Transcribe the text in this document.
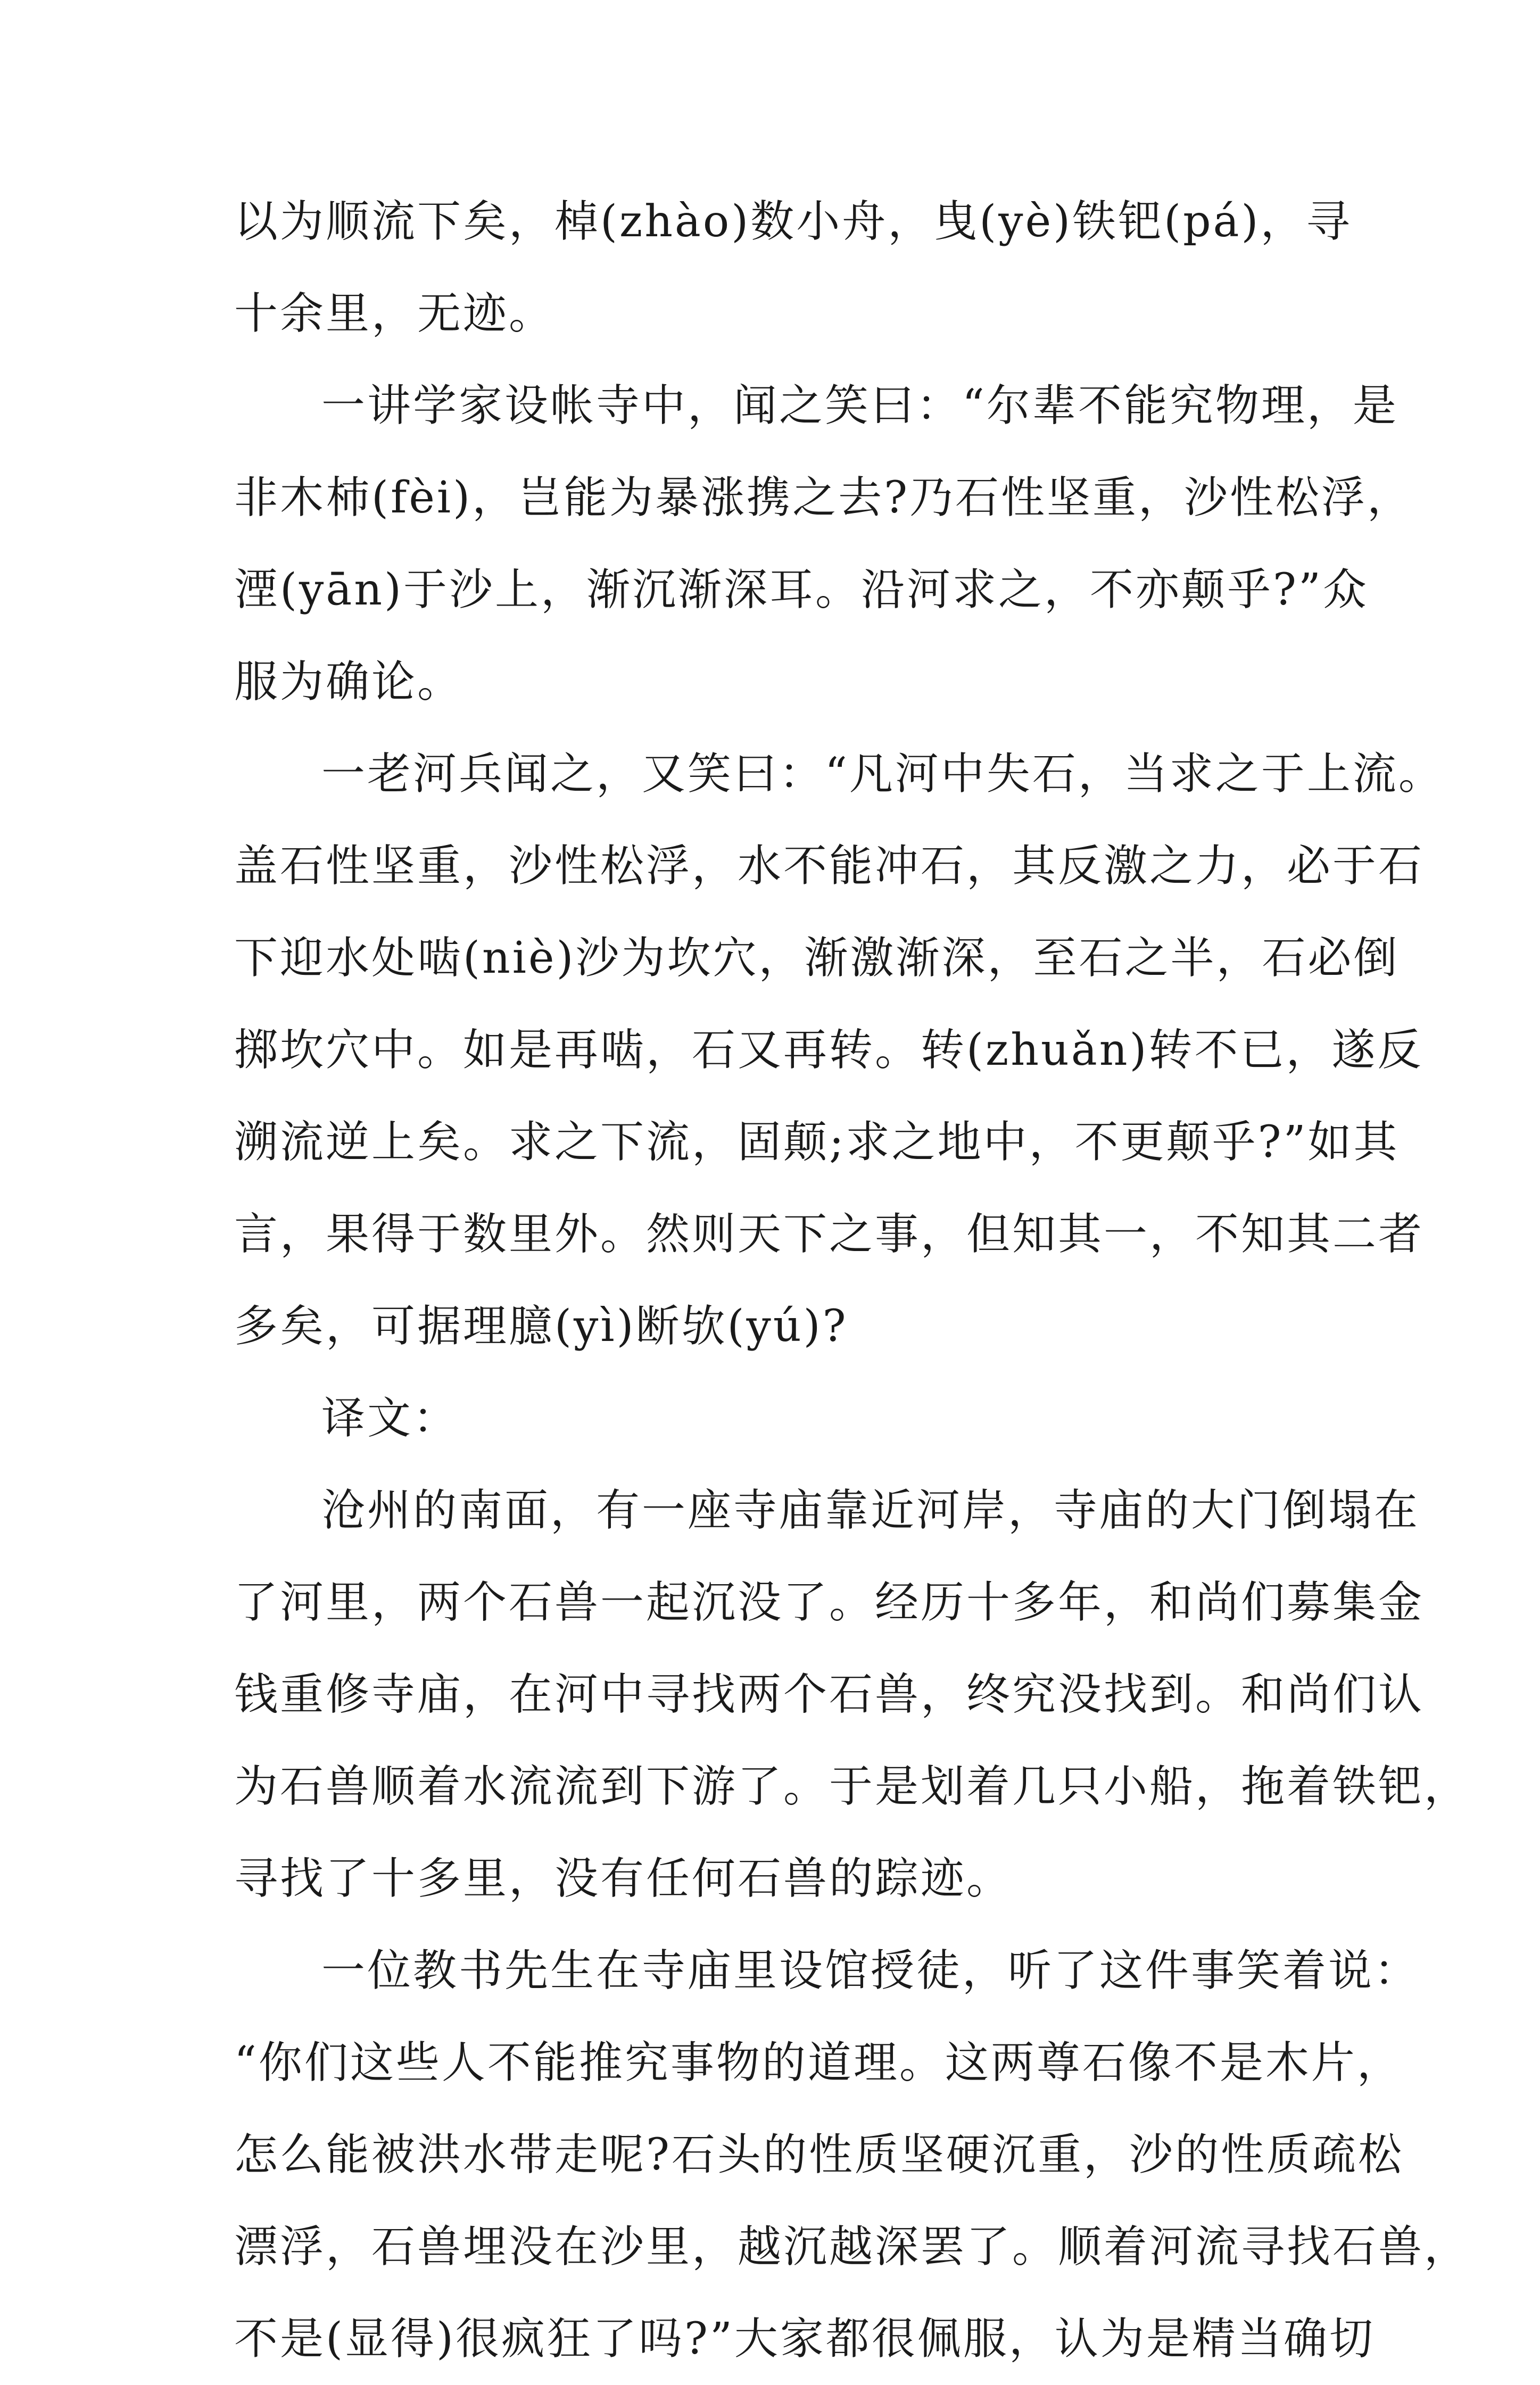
以为顺流下矣，棹(zhào)数小舟，曳(yè)铁钯(pá)，寻
十余里，无迹。
一讲学家设帐寺中，闻之笑曰：“尔辈不能究物理，是
非木杮(fèi)，岂能为暴涨携之去?乃石性坚重，沙性松浮，
湮(yān)于沙上，渐沉渐深耳。沿河求之，不亦颠乎?”众
服为确论。
一老河兵闻之，又笑曰：“凡河中失石，当求之于上流。
盖石性坚重，沙性松浮，水不能冲石，其反激之力，必于石
下迎水处啮(niè)沙为坎穴，渐激渐深，至石之半，石必倒
掷坎穴中。如是再啮，石又再转。转(zhuǎn)转不已，遂反
溯流逆上矣。求之下流，固颠;求之地中，不更颠乎?”如其
言，果得于数里外。然则天下之事，但知其一，不知其二者
多矣，可据理臆(yì)断欤(yú)?
译文：
沧州的南面，有一座寺庙靠近河岸，寺庙的大门倒塌在
了河里，两个石兽一起沉没了。经历十多年，和尚们募集金
钱重修寺庙，在河中寻找两个石兽，终究没找到。和尚们认
为石兽顺着水流流到下游了。于是划着几只小船，拖着铁钯，
寻找了十多里，没有任何石兽的踪迹。
一位教书先生在寺庙里设馆授徒，听了这件事笑着说：
“你们这些人不能推究事物的道理。这两尊石像不是木片，
怎么能被洪水带走呢?石头的性质坚硬沉重，沙的性质疏松
漂浮，石兽埋没在沙里，越沉越深罢了。顺着河流寻找石兽，
不是(显得)很疯狂了吗?”大家都很佩服，认为是精当确切
